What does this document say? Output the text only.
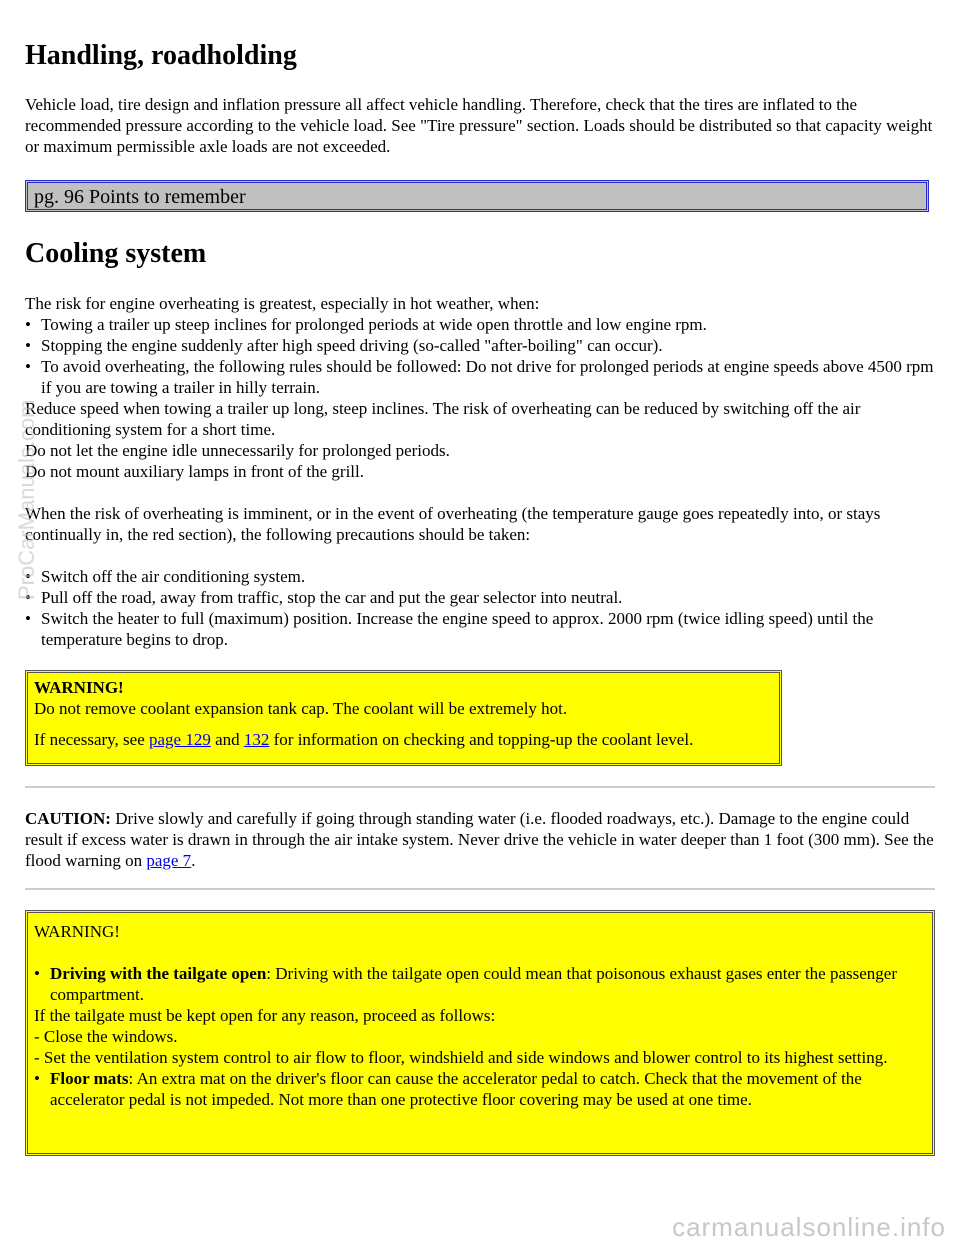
Handling, roadholding

Vehicle load, tire design and inflation pressure all affect vehicle handling. Therefore, check that the tires are inflated to the recommended pressure according to the vehicle load. See "Tire pressure" section. Loads should be distributed so that capacity weight or maximum permissible axle loads are not exceeded.

pg. 96 Points to remember
Cooling system

The risk for engine overheating is greatest, especially in hot weather, when:

• Towing a trailer up steep inclines for prolonged periods at wide open throttle and low engine rpm.

• Stopping the engine suddenly after high speed driving (so-called "after-boiling" can occur).

• To avoid overheating, the following rules should be followed: Do not drive for prolonged periods at engine speeds above 4500 rpm if you are towing a trailer in hilly terrain.

Reduce speed when towing a trailer up long, steep inclines. The risk of overheating can be reduced by switching off the air conditioning system for a short time.

Do not let the engine idle unnecessarily for prolonged periods.

Do not mount auxiliary lamps in front of the grill.

When the risk of overheating is imminent, or in the event of overheating (the temperature gauge goes repeatedly into, or stays continually in, the red section), the following precautions should be taken:

• Switch off the air conditioning system.

• Pull off the road, away from traffic, stop the car and put the gear selector into neutral.

• Switch the heater to full (maximum) position. Increase the engine speed to approx. 2000 rpm (twice idling speed) until the temperature begins to drop.

WARNING!

Do not remove coolant expansion tank cap. The coolant will be extremely hot.

If necessary, see page 129 and 132 for information on checking and topping-up the coolant level.

CAUTION: Drive slowly and carefully if going through standing water (i.e. flooded roadways, etc.). Damage to the engine could result if excess water is drawn in through the air intake system. Never drive the vehicle in water deeper than 1 foot (300 mm). See the flood warning on page 7.

WARNING!

• Driving with the tailgate open: Driving with the tailgate open could mean that poisonous exhaust gases enter the passenger compartment.

If the tailgate must be kept open for any reason, proceed as follows:

- Close the windows.

- Set the ventilation system control to air flow to floor, windshield and side windows and blower control to its highest setting.

• Floor mats: An extra mat on the driver's floor can cause the accelerator pedal to catch. Check that the movement of the accelerator pedal is not impeded. Not more than one protective floor covering may be used at one time.

ProCarManuals.com
carmanualsonline.info
